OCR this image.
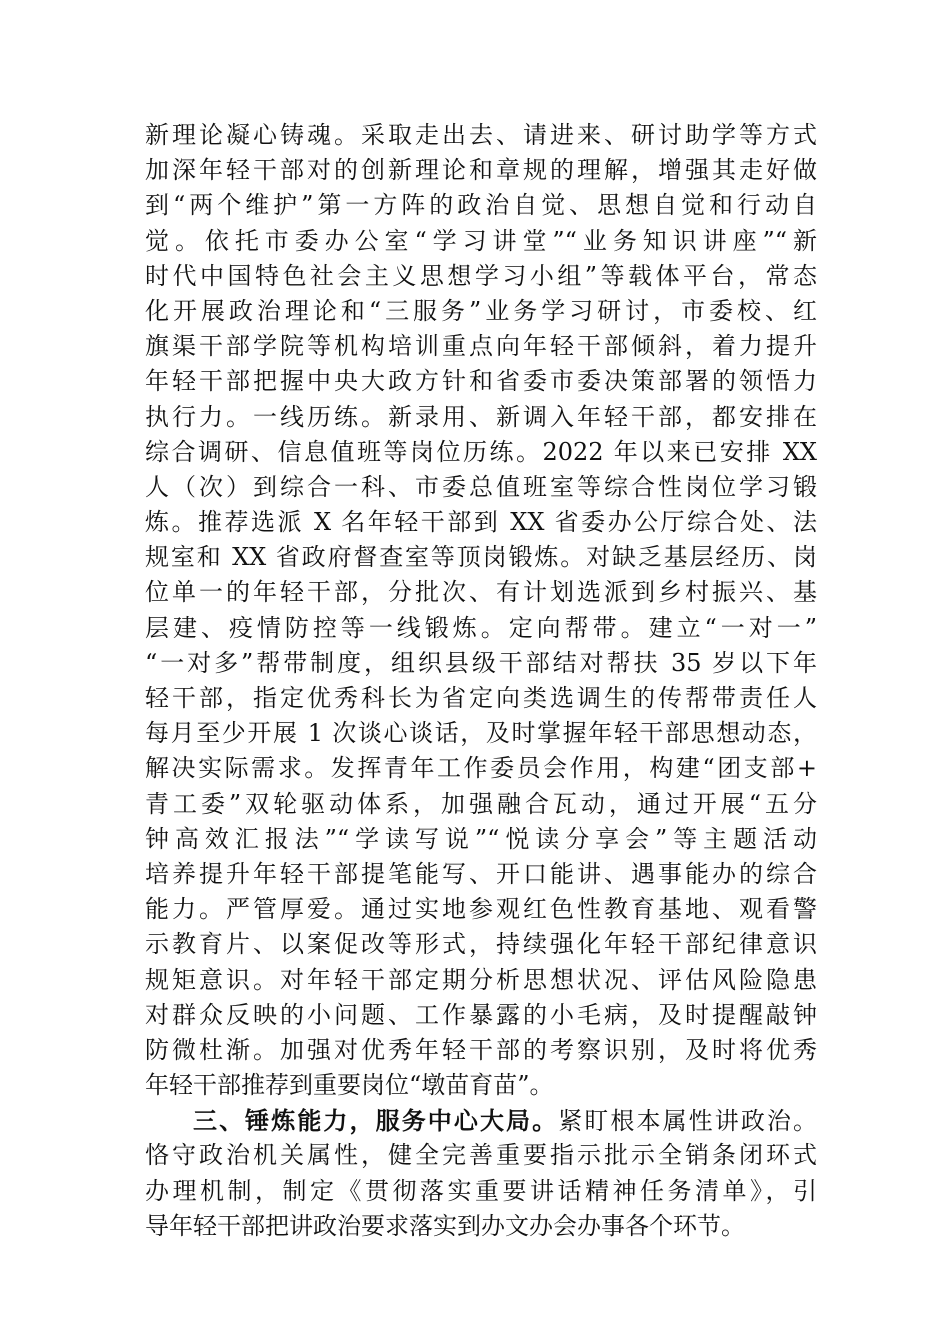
新理论凝心铸魂。采取走出去、请进来、研讨助学等方式
加深年轻干部对的创新理论和章规的理解，增强其走好做
到“两个维护”第一方阵的政治自觉、思想自觉和行动自
觉。依托市委办公室“学习讲堂”“业务知识讲座”“新
时代中国特色社会主义思想学习小组”等载体平台，常态
化开展政治理论和“三服务”业务学习研讨，市委校、红
旗渠干部学院等机构培训重点向年轻干部倾斜，着力提升
年轻干部把握中央大政方针和省委市委决策部署的领悟力
执行力。一线历练。新录用、新调入年轻干部，都安排在
综合调研、信息值班等岗位历练。2022 年以来已安排 XX
人（次）到综合一科、市委总值班室等综合性岗位学习锻
炼。推荐选派 X 名年轻干部到 XX 省委办公厅综合处、法
规室和 XX 省政府督查室等顶岗锻炼。对缺乏基层经历、岗
位单一的年轻干部，分批次、有计划选派到乡村振兴、基
层建、疫情防控等一线锻炼。定向帮带。建立“一对一”
“一对多”帮带制度，组织县级干部结对帮扶 35 岁以下年
轻干部，指定优秀科长为省定向类选调生的传帮带责任人
每月至少开展 1 次谈心谈话，及时掌握年轻干部思想动态，
解决实际需求。发挥青年工作委员会作用，构建“团支部+
青工委”双轮驱动体系，加强融合瓦动，通过开展“五分
钟高效汇报法”“学读写说”“悦读分享会”等主题活动
培养提升年轻干部提笔能写、开口能讲、遇事能办的综合
能力。严管厚爱。通过实地参观红色性教育基地、观看警
示教育片、以案促改等形式，持续强化年轻干部纪律意识
规矩意识。对年轻干部定期分析思想状况、评估风险隐患
对群众反映的小问题、工作暴露的小毛病，及时提醒敲钟
防微杜渐。加强对优秀年轻干部的考察识别，及时将优秀
年轻干部推荐到重要岗位“墩苗育苗”。
三、锤炼能力，服务中心大局。紧盯根本属性讲政治。
恪守政治机关属性，健全完善重要指示批示全销条闭环式
办理机制，制定《贯彻落实重要讲话精神任务清单》，引
导年轻干部把讲政治要求落实到办文办会办事各个环节。
